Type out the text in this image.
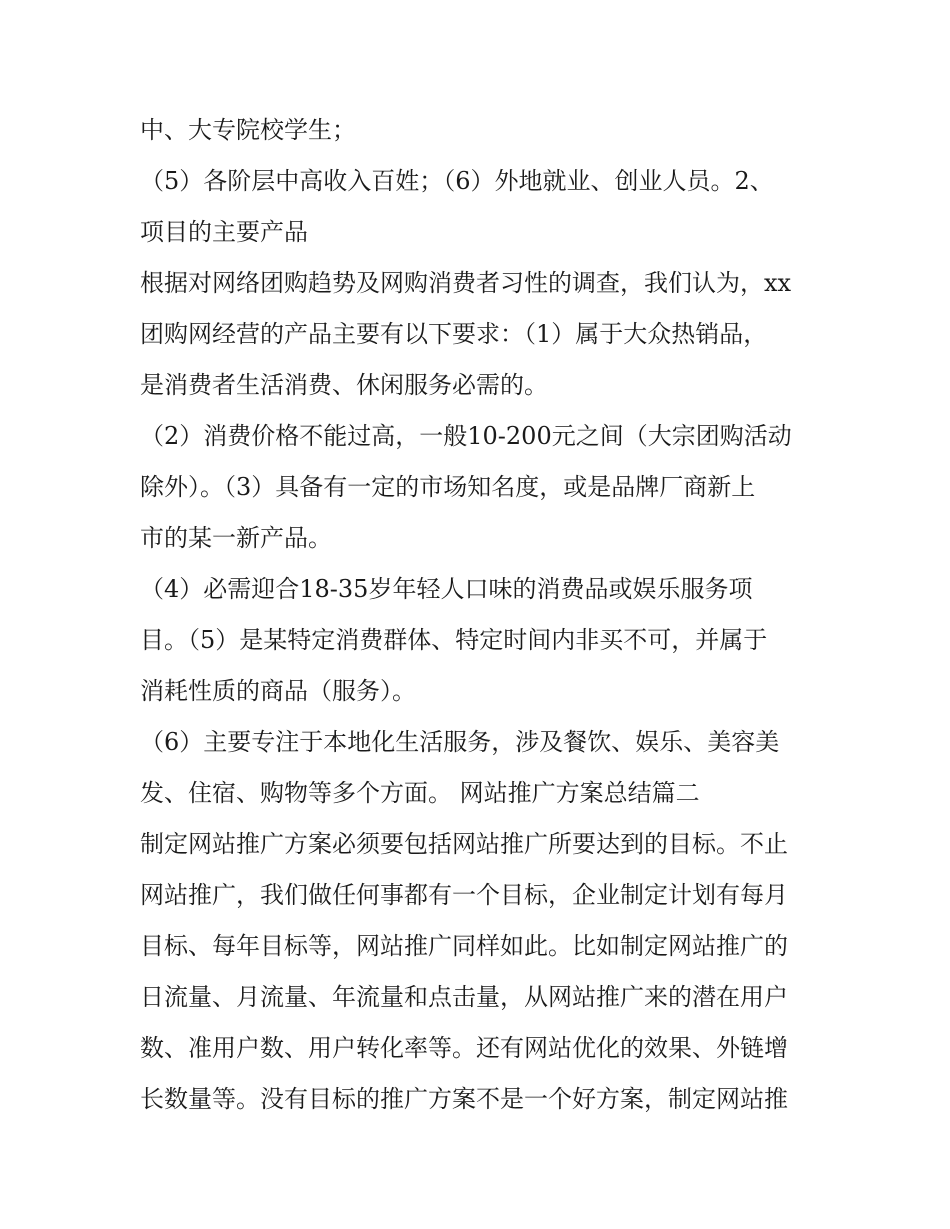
中、大专院校学生；
（5）各阶层中高收入百姓；（6）外地就业、创业人员。2、
项目的主要产品
根据对网络团购趋势及网购消费者习性的调查，我们认为，xx
团购网经营的产品主要有以下要求：（1）属于大众热销品，
是消费者生活消费、休闲服务必需的。
（2）消费价格不能过高，一般10-200元之间（大宗团购活动
除外）。（3）具备有一定的市场知名度，或是品牌厂商新上
市的某一新产品。
（4）必需迎合18-35岁年轻人口味的消费品或娱乐服务项
目。（5）是某特定消费群体、特定时间内非买不可，并属于
消耗性质的商品（服务）。
（6）主要专注于本地化生活服务，涉及餐饮、娱乐、美容美
发、住宿、购物等多个方面。 网站推广方案总结篇二
制定网站推广方案必须要包括网站推广所要达到的目标。不止
网站推广，我们做任何事都有一个目标，企业制定计划有每月
目标、每年目标等，网站推广同样如此。比如制定网站推广的
日流量、月流量、年流量和点击量，从网站推广来的潜在用户
数、准用户数、用户转化率等。还有网站优化的效果、外链增
长数量等。没有目标的推广方案不是一个好方案，制定网站推
